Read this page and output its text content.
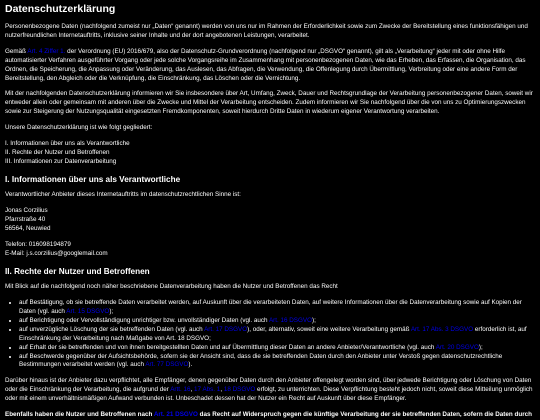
Datenschutzerklärung

Personenbezogene Daten (nachfolgend zumeist nur „Daten“ genannt) werden von uns nur im Rahmen der Erforderlichkeit sowie zum Zwecke der Bereitstellung eines funktionsfähigen und nutzerfreundlichen Internetauftritts, inklusive seiner Inhalte und der dort angebotenen Leistungen, verarbeitet.

Gemäß Art. 4 Ziffer 1. der Verordnung (EU) 2016/679, also der Datenschutz-Grundverordnung (nachfolgend nur „DSGVO“ genannt), gilt als „Verarbeitung“ jeder mit oder ohne Hilfe automatisierter Verfahren ausgeführter Vorgang oder jede solche Vorgangsreihe im Zusammenhang mit personenbezogenen Daten, wie das Erheben, das Erfassen, die Organisation, das Ordnen, die Speicherung, die Anpassung oder Veränderung, das Auslesen, das Abfragen, die Verwendung, die Offenlegung durch Übermittlung, Verbreitung oder eine andere Form der Bereitstellung, den Abgleich oder die Verknüpfung, die Einschränkung, das Löschen oder die Vernichtung.

Mit der nachfolgenden Datenschutzerklärung informieren wir Sie insbesondere über Art, Umfang, Zweck, Dauer und Rechtsgrundlage der Verarbeitung personenbezogener Daten, soweit wir entweder allein oder gemeinsam mit anderen über die Zwecke und Mittel der Verarbeitung entscheiden. Zudem informieren wir Sie nachfolgend über die von uns zu Optimierungszwecken sowie zur Steigerung der Nutzungsqualität eingesetzten Fremdkomponenten, soweit hierdurch Dritte Daten in wiederum eigener Verantwortung verarbeiten.

Unsere Datenschutzerklärung ist wie folgt gegliedert:

I. Informationen über uns als Verantwortliche
II. Rechte der Nutzer und Betroffenen
III. Informationen zur Datenverarbeitung
I. Informationen über uns als Verantwortliche

Verantwortlicher Anbieter dieses Internetauftritts im datenschutzrechtlichen Sinne ist:

Jonas Corzilius

Pfarrstraße 40

56564, Neuwied

Telefon: 016098194879

E-Mail: j.s.corzilius@googlemail.com

II. Rechte der Nutzer und Betroffenen

Mit Blick auf die nachfolgend noch näher beschriebene Datenverarbeitung haben die Nutzer und Betroffenen das Recht

• auf Bestätigung, ob sie betreffende Daten verarbeitet werden, auf Auskunft über die verarbeiteten Daten, auf weitere Informationen über die Datenverarbeitung sowie auf Kopien der Daten (vgl. auch Art. 15 DSGVO);
• auf Berichtigung oder Vervollständigung unrichtiger bzw. unvollständiger Daten (vgl. auch Art. 16 DSGVO);
• auf unverzügliche Löschung der sie betreffenden Daten (vgl. auch Art. 17 DSGVO), oder, alternativ, soweit eine weitere Verarbeitung gemäß Art. 17 Abs. 3 DSGVO erforderlich ist, auf Einschränkung der Verarbeitung nach Maßgabe von Art. 18 DSGVO;
• auf Erhalt der sie betreffenden und von ihnen bereitgestellten Daten und auf Übermittlung dieser Daten an andere Anbieter/Verantwortliche (vgl. auch Art. 20 DSGVO);
• auf Beschwerde gegenüber der Aufsichtsbehörde, sofern sie der Ansicht sind, dass die sie betreffenden Daten durch den Anbieter unter Verstoß gegen datenschutzrechtliche Bestimmungen verarbeitet werden (vgl. auch Art. 77 DSGVO).

Darüber hinaus ist der Anbieter dazu verpflichtet, alle Empfänger, denen gegenüber Daten durch den Anbieter offengelegt worden sind, über jedwede Berichtigung oder Löschung von Daten oder die Einschränkung der Verarbeitung, die aufgrund der Artt. 16, 17 Abs. 1, 18 DSGVO erfolgt, zu unterrichten. Diese Verpflichtung besteht jedoch nicht, soweit diese Mitteilung unmöglich oder mit einem unverhältnismäßigen Aufwand verbunden ist. Unbeschadet dessen hat der Nutzer ein Recht auf Auskunft über diese Empfänger.

Ebenfalls haben die Nutzer und Betroffenen nach Art. 21 DSGVO das Recht auf Widerspruch gegen die künftige Verarbeitung der sie betreffenden Daten, sofern die Daten durch
